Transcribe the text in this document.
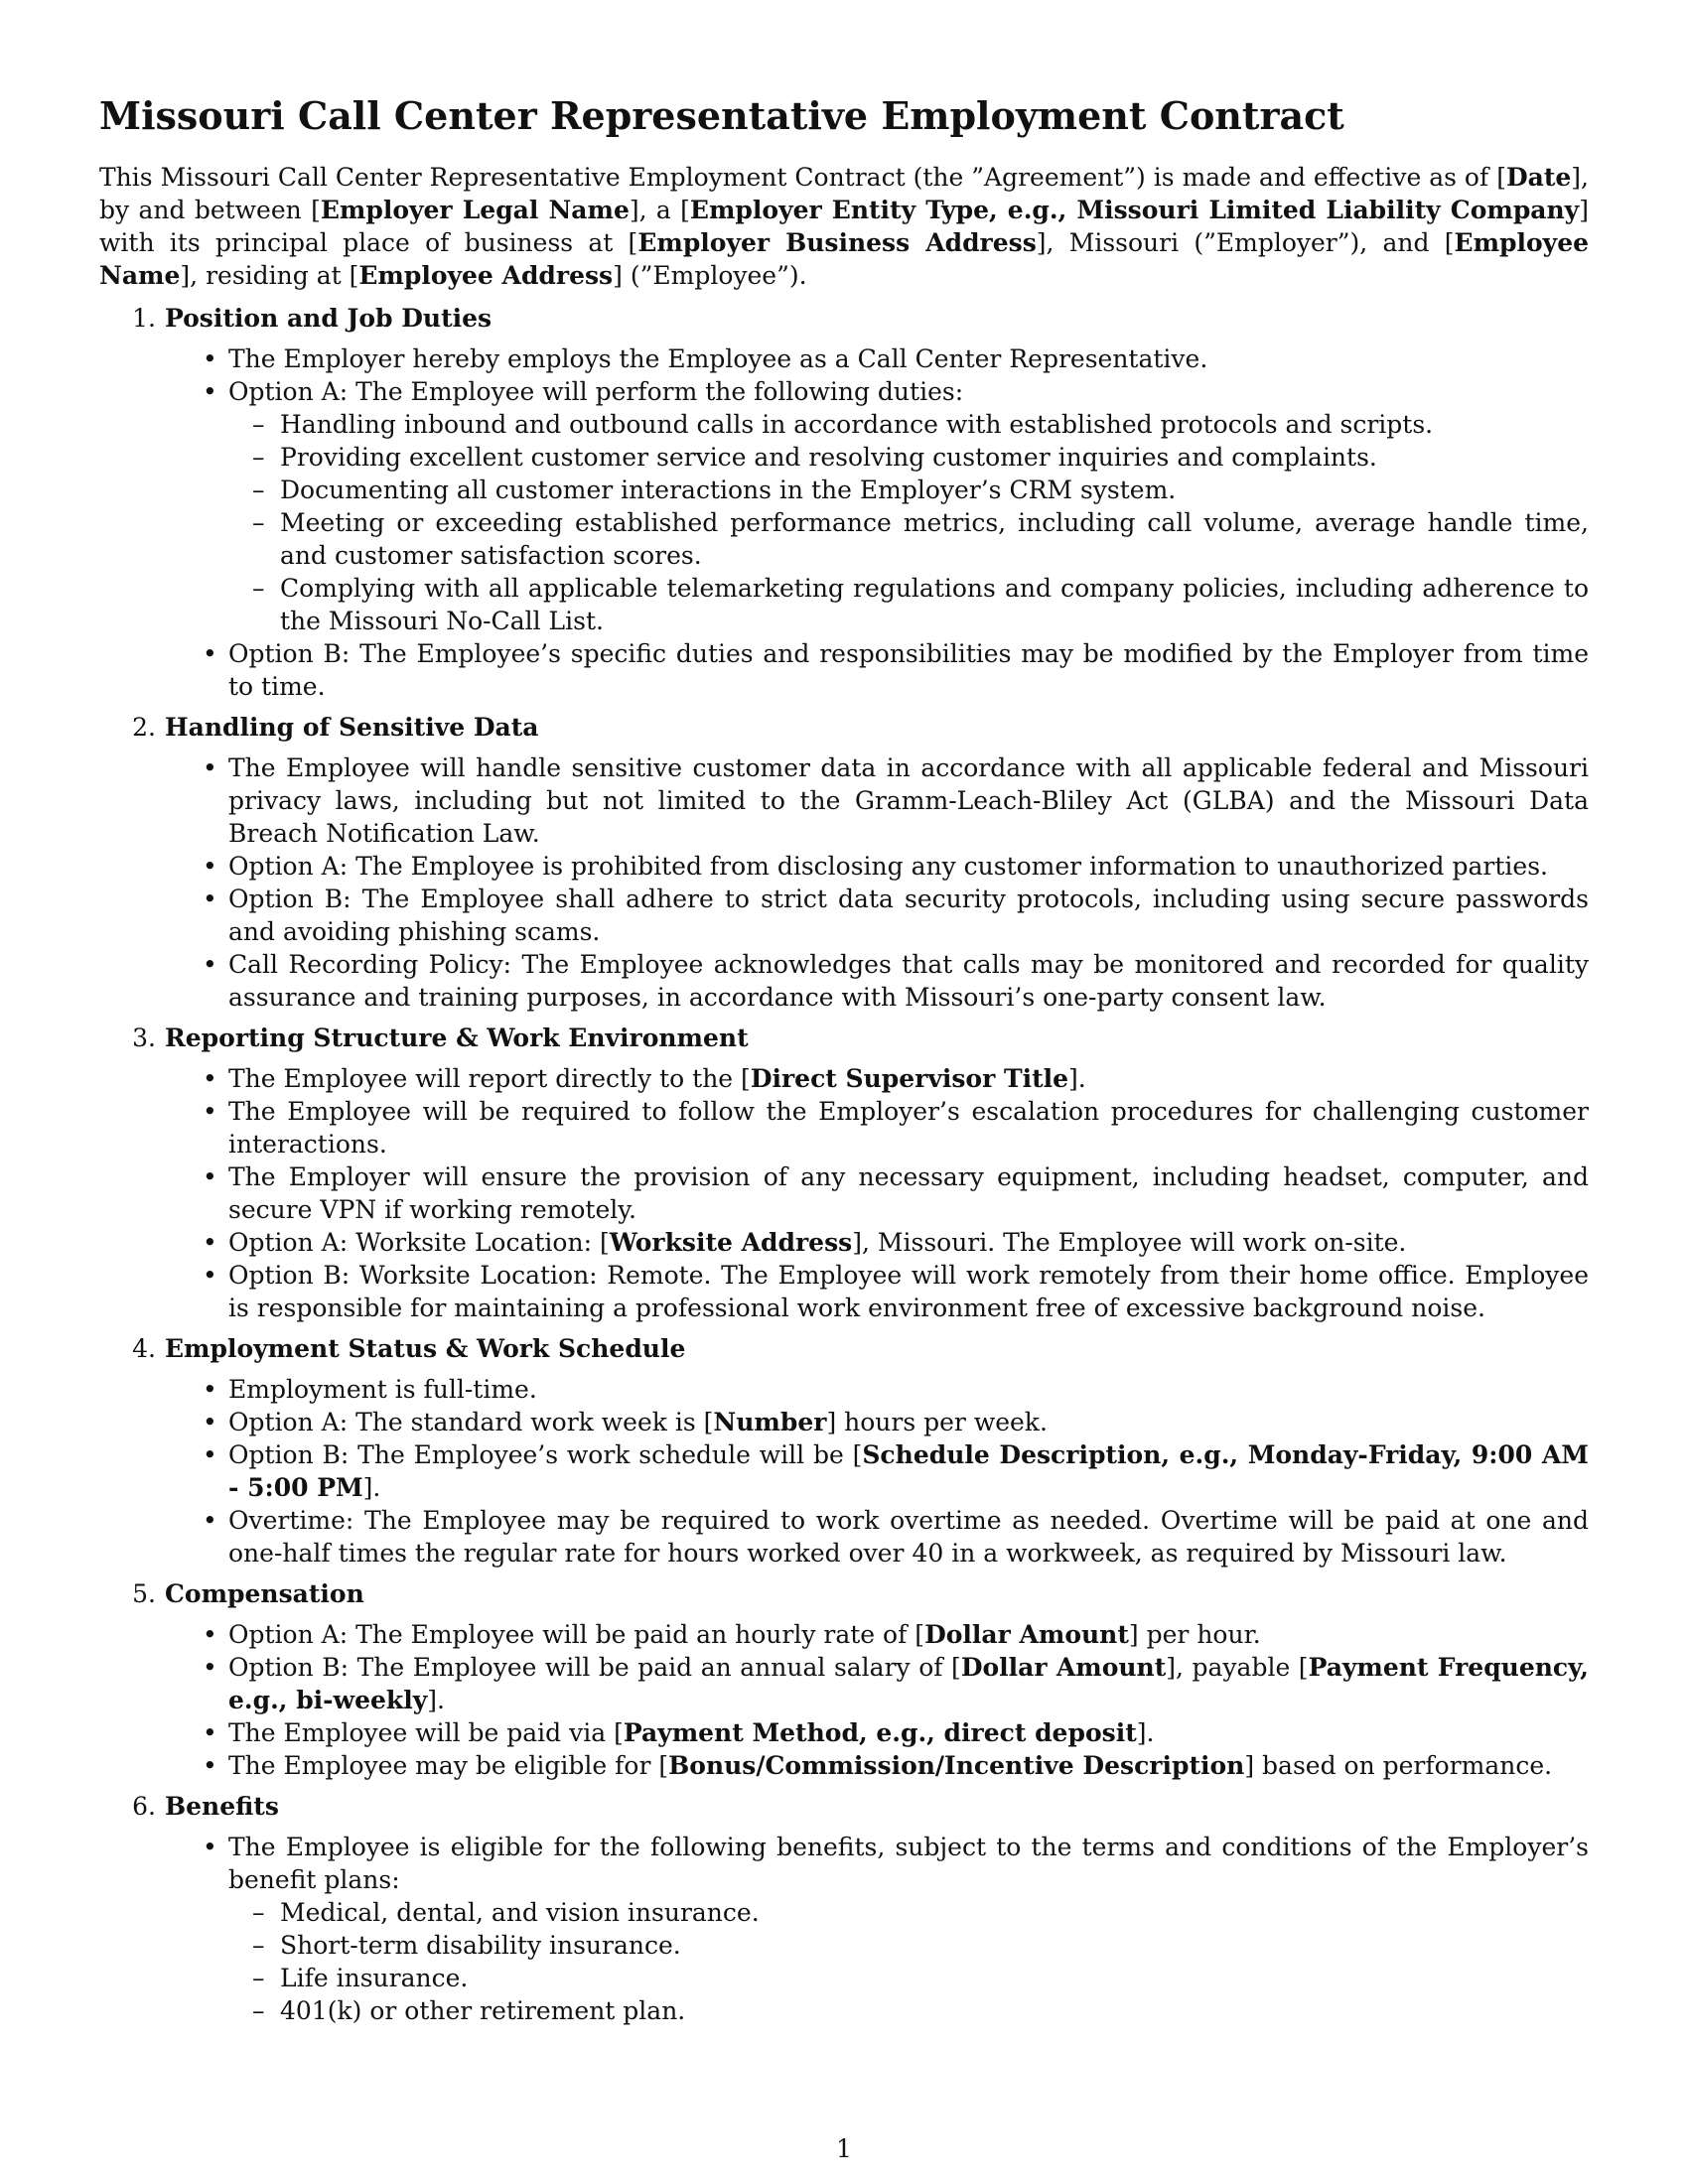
Missouri Call Center Representative Employment Contract

This Missouri Call Center Representative Employment Contract (the ”Agreement”) is made and effective as of [Date], by and between [Employer Legal Name], a [Employer Entity Type, e.g., Missouri Limited Liability Company] with its principal place of business at [Employer Business Address], Missouri (”Employer”), and [Employee Name], residing at [Employee Address] (”Employee”).

1. Position and Job Duties
• The Employer hereby employs the Employee as a Call Center Representative.
• Option A: The Employee will perform the following duties:
– Handling inbound and outbound calls in accordance with established protocols and scripts.
– Providing excellent customer service and resolving customer inquiries and complaints.
– Documenting all customer interactions in the Employer’s CRM system.
– Meeting or exceeding established performance metrics, including call volume, average handle time, and customer satisfaction scores.
– Complying with all applicable telemarketing regulations and company policies, including adherence to the Missouri No-Call List.
• Option B: The Employee’s specific duties and responsibilities may be modified by the Employer from time to time.
2. Handling of Sensitive Data
• The Employee will handle sensitive customer data in accordance with all applicable federal and Missouri privacy laws, including but not limited to the Gramm-Leach-Bliley Act (GLBA) and the Missouri Data Breach Notification Law.
• Option A: The Employee is prohibited from disclosing any customer information to unauthorized parties.
• Option B: The Employee shall adhere to strict data security protocols, including using secure passwords and avoiding phishing scams.
• Call Recording Policy: The Employee acknowledges that calls may be monitored and recorded for quality assurance and training purposes, in accordance with Missouri’s one-party consent law.
3. Reporting Structure & Work Environment
• The Employee will report directly to the [Direct Supervisor Title].
• The Employee will be required to follow the Employer’s escalation procedures for challenging customer interactions.
• The Employer will ensure the provision of any necessary equipment, including headset, computer, and secure VPN if working remotely.
• Option A: Worksite Location: [Worksite Address], Missouri. The Employee will work on-site.
• Option B: Worksite Location: Remote. The Employee will work remotely from their home office. Employee is responsible for maintaining a professional work environment free of excessive background noise.
4. Employment Status & Work Schedule
• Employment is full-time.
• Option A: The standard work week is [Number] hours per week.
• Option B: The Employee’s work schedule will be [Schedule Description, e.g., Monday-Friday, 9:00 AM - 5:00 PM].
• Overtime: The Employee may be required to work overtime as needed. Overtime will be paid at one and one-half times the regular rate for hours worked over 40 in a workweek, as required by Missouri law.
5. Compensation
• Option A: The Employee will be paid an hourly rate of [Dollar Amount] per hour.
• Option B: The Employee will be paid an annual salary of [Dollar Amount], payable [Payment Frequency, e.g., bi-weekly].
• The Employee will be paid via [Payment Method, e.g., direct deposit].
• The Employee may be eligible for [Bonus/Commission/Incentive Description] based on performance.
6. Benefits
• The Employee is eligible for the following benefits, subject to the terms and conditions of the Employer’s benefit plans:
– Medical, dental, and vision insurance.
– Short-term disability insurance.
– Life insurance.
– 401(k) or other retirement plan.
1
